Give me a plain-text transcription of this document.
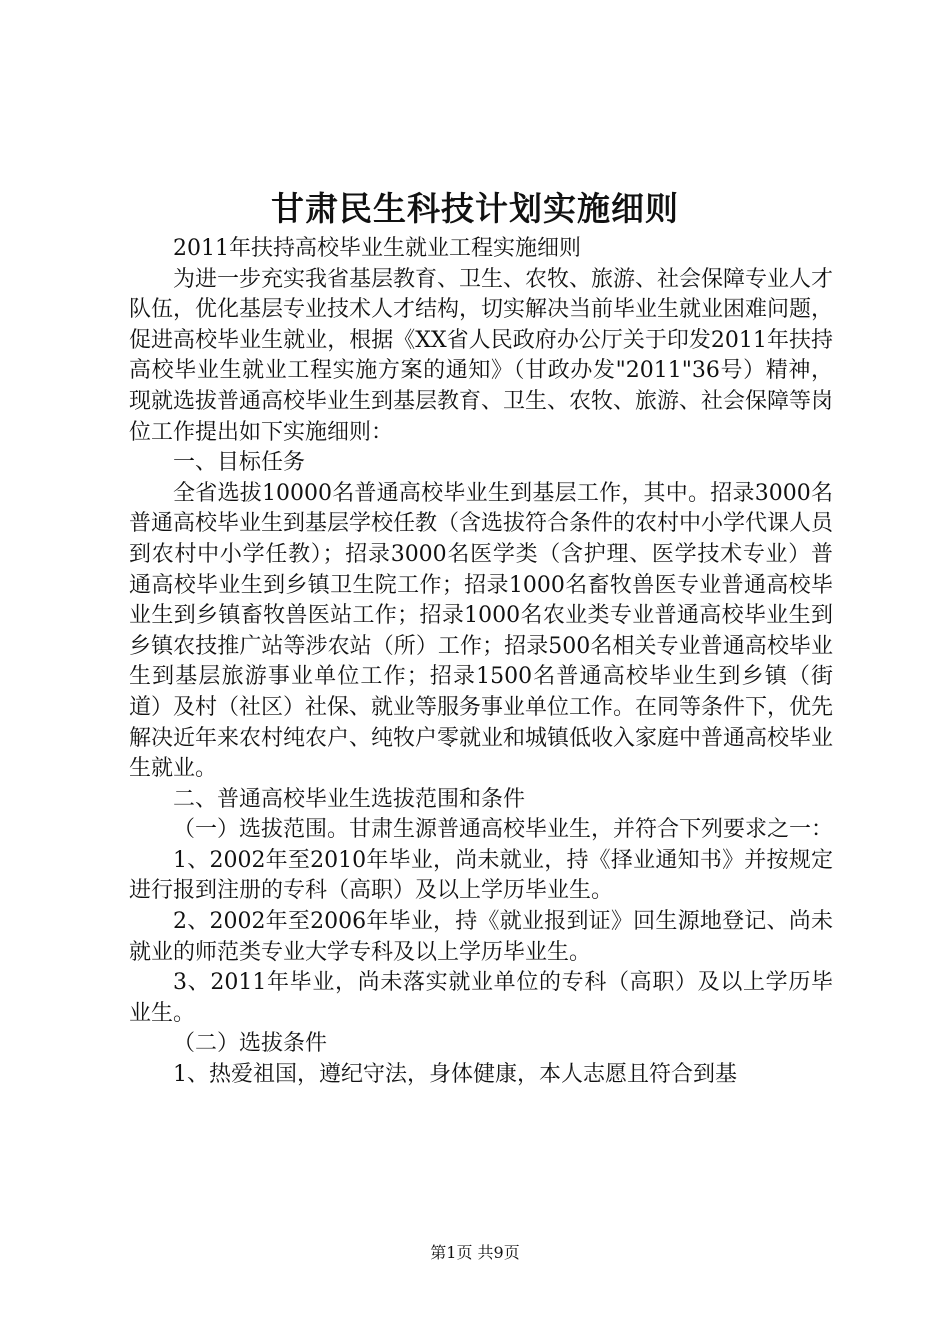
甘肃民生科技计划实施细则

2011年扶持高校毕业生就业工程实施细则

为进一步充实我省基层教育、卫生、农牧、旅游、社会保障专业人才队伍，优化基层专业技术人才结构，切实解决当前毕业生就业困难问题，促进高校毕业生就业，根据《XX省人民政府办公厅关于印发2011年扶持高校毕业生就业工程实施方案的通知》（甘政办发"2011"36号）精神，现就选拔普通高校毕业生到基层教育、卫生、农牧、旅游、社会保障等岗位工作提出如下实施细则：

一、目标任务

全省选拔10000名普通高校毕业生到基层工作，其中。招录3000名普通高校毕业生到基层学校任教（含选拔符合条件的农村中小学代课人员到农村中小学任教）；招录3000名医学类（含护理、医学技术专业）普通高校毕业生到乡镇卫生院工作；招录1000名畜牧兽医专业普通高校毕业生到乡镇畜牧兽医站工作；招录1000名农业类专业普通高校毕业生到乡镇农技推广站等涉农站（所）工作；招录500名相关专业普通高校毕业生到基层旅游事业单位工作；招录1500名普通高校毕业生到乡镇（街道）及村（社区）社保、就业等服务事业单位工作。在同等条件下，优先解决近年来农村纯农户、纯牧户零就业和城镇低收入家庭中普通高校毕业生就业。

二、普通高校毕业生选拔范围和条件

（一）选拔范围。甘肃生源普通高校毕业生，并符合下列要求之一：

1、2002年至2010年毕业，尚未就业，持《择业通知书》并按规定进行报到注册的专科（高职）及以上学历毕业生。

2、2002年至2006年毕业，持《就业报到证》回生源地登记、尚未就业的师范类专业大学专科及以上学历毕业生。

3、2011年毕业，尚未落实就业单位的专科（高职）及以上学历毕业生。

（二）选拔条件

1、热爱祖国，遵纪守法，身体健康，本人志愿且符合到基

第1页 共9页
